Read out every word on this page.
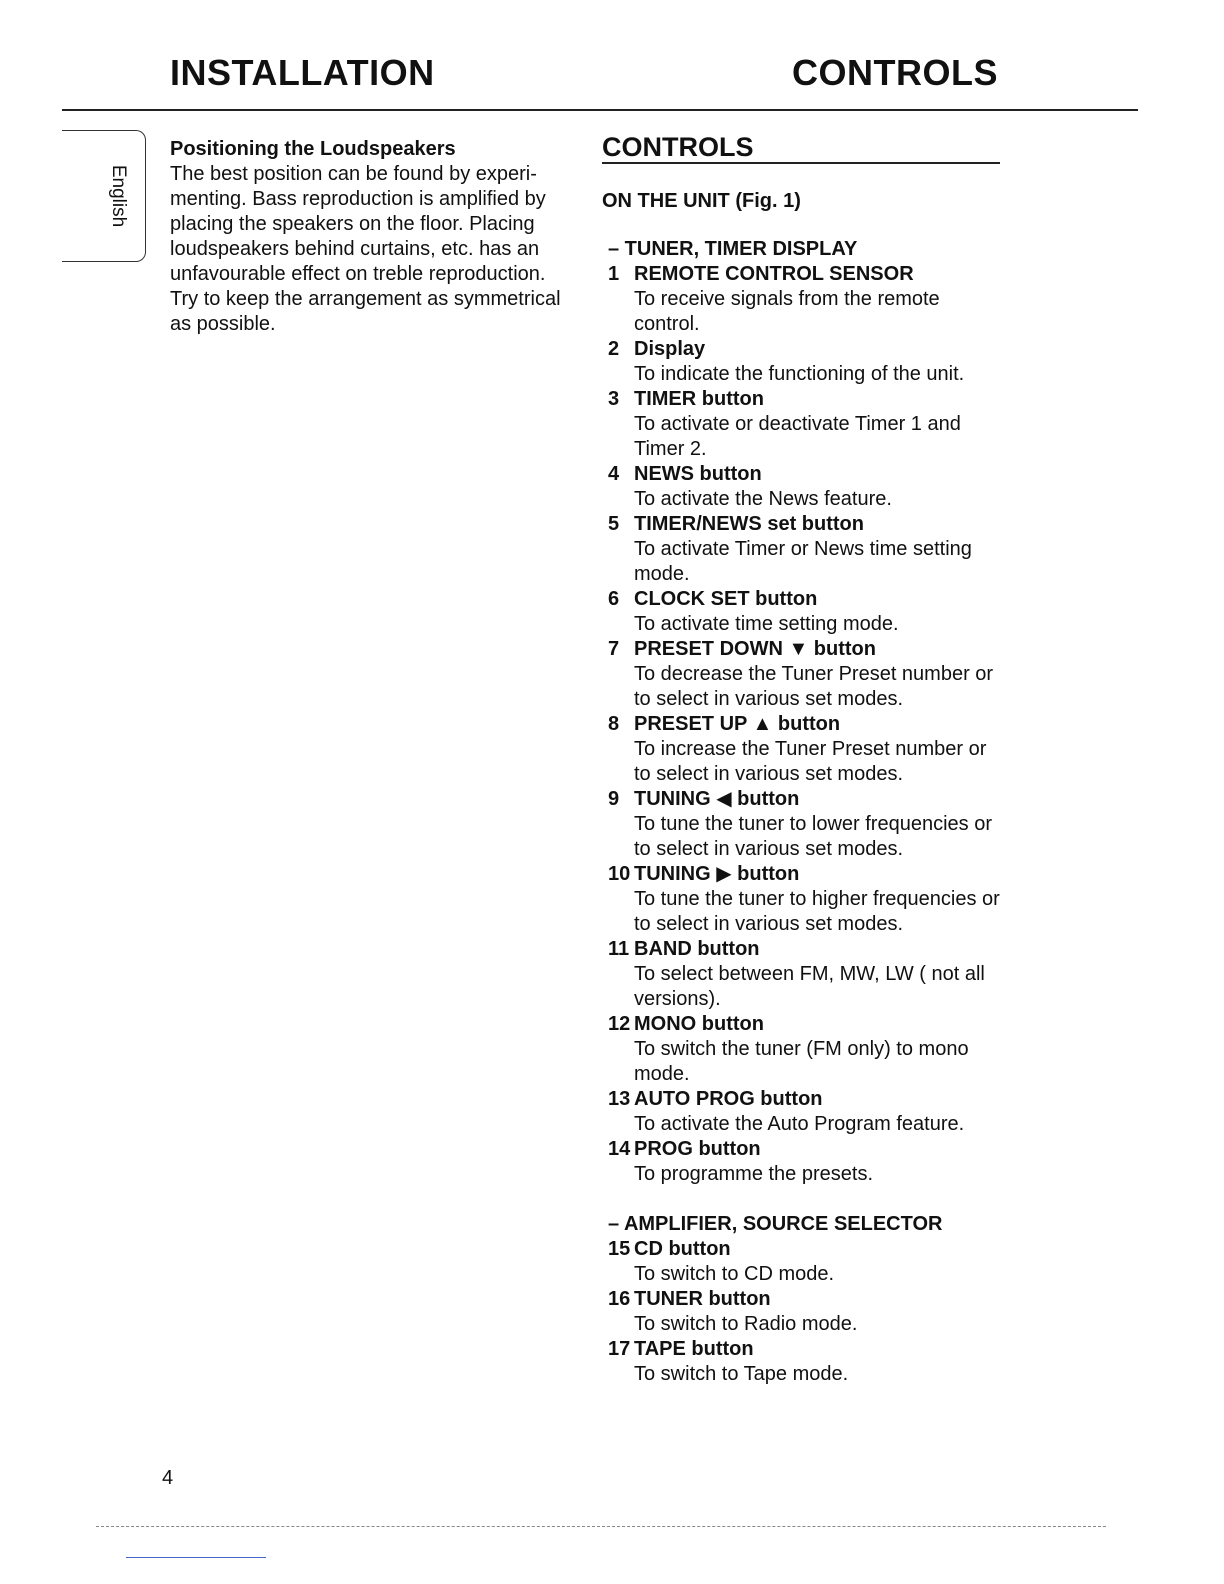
INSTALLATION	CONTROLS
English
Positioning the Loudspeakers

The best position can be found by experi-

menting. Bass reproduction is amplified by

placing the speakers on the floor. Placing

loudspeakers behind curtains, etc. has an

unfavourable effect on treble reproduction.

Try to keep the arrangement as symmetrical

as possible.

CONTROLS
ON THE UNIT (Fig. 1)
– TUNER, TIMER DISPLAY
1 REMOTE CONTROL SENSOR
To receive signals from the remote control.
2 Display
To indicate the functioning of the unit.
3 TIMER button
To activate or deactivate Timer 1 and
Timer 2.
4 NEWS button
To activate the News feature.
5 TIMER/NEWS set button
To activate Timer or News time setting
mode.
6 CLOCK SET button
To activate time setting mode.
7 PRESET DOWN ▼ button
To decrease the Tuner Preset number or
to select in various set modes.
8 PRESET UP ▲ button
To increase the Tuner Preset number or
to select in various set modes.
9 TUNING ◀ button
To tune the tuner to lower frequencies or
to select in various set modes.
10 TUNING ▶ button
To tune the tuner to higher frequencies or
to select in various set modes.
11 BAND button
To select between FM, MW, LW ( not all
versions).
12 MONO button
To switch the tuner (FM only) to mono
mode.
13 AUTO PROG button
To activate the Auto Program feature.
14 PROG button
To programme the presets.
– AMPLIFIER, SOURCE SELECTOR
15 CD button
To switch to CD mode.
16 TUNER button
To switch to Radio mode.
17 TAPE button
To switch to Tape mode.
4
